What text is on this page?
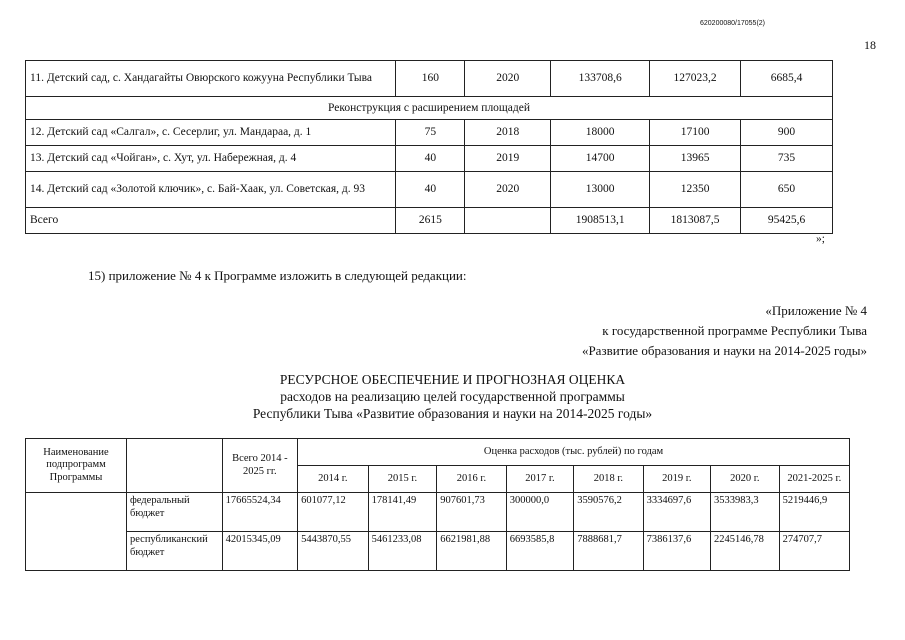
620200080/17055(2)
18
11. Детский сад, с. Хандагайты Овюрского кожууна Республики Тыва	160	2020	133708,6	127023,2	6685,4
Реконструкция с расширением площадей					
12. Детский сад «Салгал», с. Сесерлиг, ул. Мандараа, д. 1	75	2018	18000	17100	900
13. Детский сад «Чойган», с. Хут, ул. Набережная, д. 4	40	2019	14700	13965	735
14. Детский сад «Золотой ключик», с. Бай-Хаак, ул. Советская, д. 93	40	2020	13000	12350	650
Всего	2615		1908513,1	1813087,5	95425,6
»;
15) приложение № 4 к Программе изложить в следующей редакции:
«Приложение № 4
к государственной программе Республики Тыва
«Развитие образования и науки на 2014-2025 годы»
РЕСУРСНОЕ ОБЕСПЕЧЕНИЕ И ПРОГНОЗНАЯ ОЦЕНКА
расходов на реализацию целей государственной программы
Республики Тыва «Развитие образования и науки на 2014-2025 годы»
Наименование подпрограмм Программы		Всего 2014 - 2025 гг.	Оценка расходов (тыс. рублей) по годам							
			2014 г.	2015 г.	2016 г.	2017 г.	2018 г.	2019 г.	2020 г.	2021-2025 г.
	федеральный бюджет	17665524,34	601077,12	178141,49	907601,73	300000,0	3590576,2	3334697,6	3533983,3	5219446,9
	республиканский бюджет	42015345,09	5443870,55	5461233,08	6621981,88	6693585,8	7888681,7	7386137,6	2245146,78	274707,7
